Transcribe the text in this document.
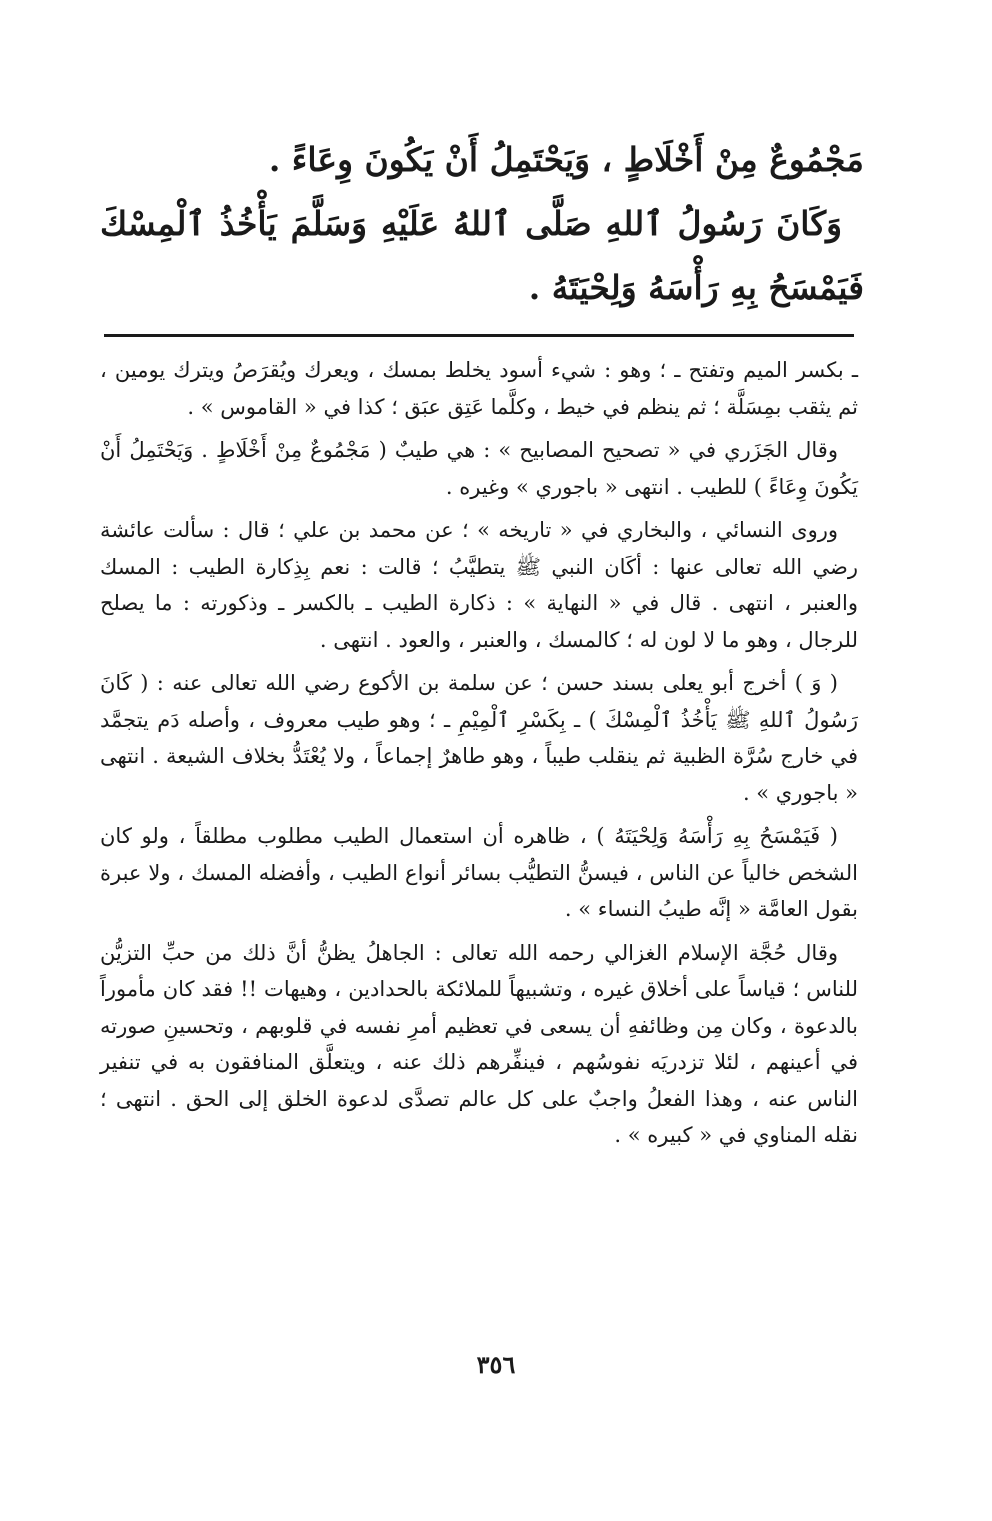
مَجْمُوعٌ مِنْ أَخْلَاطٍ ، وَيَحْتَمِلُ أَنْ يَكُونَ وِعَاءً .

وَكَانَ رَسُولُ ٱللهِ صَلَّى ٱللهُ عَلَيْهِ وَسَلَّمَ يَأْخُذُ ٱلْمِسْكَ فَيَمْسَحُ بِهِ رَأْسَهُ وَلِحْيَتَهُ .

ـ بكسر الميم وتفتح ـ ؛ وهو : شيء أسود يخلط بمسك ، ويعرك ويُقرَصُ ويترك يومين ، ثم يثقب بمِسَلَّة ؛ ثم ينظم في خيط ، وكلَّما عَتِق عبَق ؛ كذا في « القاموس » .

وقال الجَزَري في « تصحيح المصابيح » : هي طيبٌ ( مَجْمُوعٌ مِنْ أَخْلَاطٍ . وَيَحْتَمِلُ أَنْ يَكُونَ وِعَاءً ) للطيب . انتهى « باجوري » وغيره .

وروى النسائي ، والبخاري في « تاريخه » ؛ عن محمد بن علي ؛ قال : سألت عائشة رضي الله تعالى عنها : أكَان النبي ﷺ يتطيَّبُ ؛ قالت : نعم بِذِكارة الطيب : المسك والعنبر ، انتهى . قال في « النهاية » : ذكارة الطيب ـ بالكسر ـ وذكورته : ما يصلح للرجال ، وهو ما لا لون له ؛ كالمسك ، والعنبر ، والعود . انتهى .

( وَ ) أخرج أبو يعلى بسند حسن ؛ عن سلمة بن الأكوع رضي الله تعالى عنه : ( كَانَ رَسُولُ ٱللهِ ﷺ يَأْخُذُ ٱلْمِسْكَ ) ـ بِكَسْرِ ٱلْمِيْمِ ـ ؛ وهو طيب معروف ، وأصله دَم يتجمَّد في خارج سُرَّة الظبية ثم ينقلب طيباً ، وهو طاهرٌ إجماعاً ، ولا يُعْتَدُّ بخلاف الشيعة . انتهى « باجوري » .

( فَيَمْسَحُ بِهِ رَأْسَهُ وَلِحْيَتَهُ ) ، ظاهره أن استعمال الطيب مطلوب مطلقاً ، ولو كان الشخص خالياً عن الناس ، فيسنُّ التطيُّب بسائر أنواع الطيب ، وأفضله المسك ، ولا عبرة بقول العامَّة « إنَّه طيبُ النساء » .

وقال حُجَّة الإسلام الغزالي رحمه الله تعالى : الجاهلُ يظنُّ أنَّ ذلك من حبِّ التزيُّن للناس ؛ قياساً على أخلاق غيره ، وتشبيهاً للملائكة بالحدادين ، وهيهات !! فقد كان مأموراً بالدعوة ، وكان مِن وظائفهِ أن يسعى في تعظيم أمرِ نفسه في قلوبهم ، وتحسينِ صورته في أعينهم ، لئلا تزدريَه نفوسُهم ، فينفِّرهم ذلك عنه ، ويتعلَّق المنافقون به في تنفير الناس عنه ، وهذا الفعلُ واجبٌ على كل عالم تصدَّى لدعوة الخلق إلى الحق . انتهى ؛ نقله المناوي في « كبيره » .

٣٥٦
